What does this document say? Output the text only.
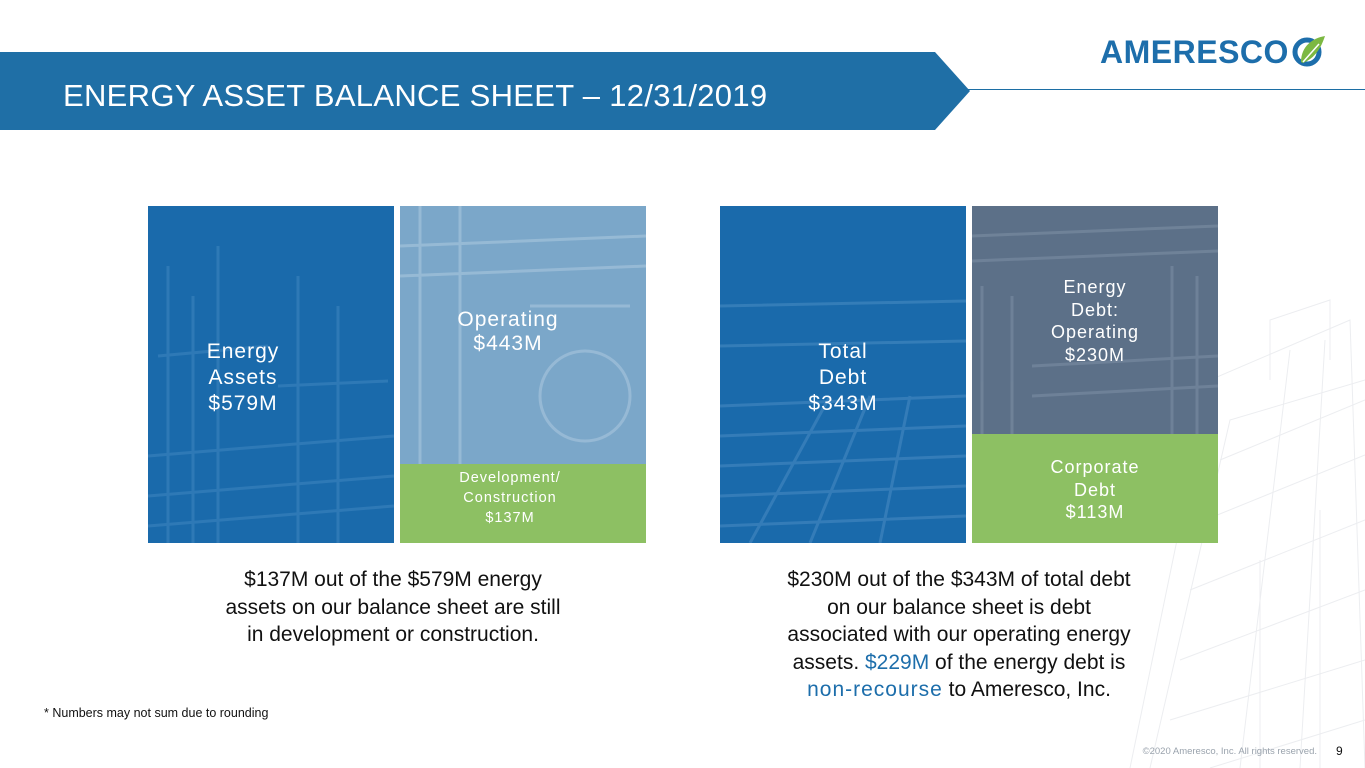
ENERGY ASSET BALANCE SHEET – 12/31/2019
AMERESCO
Energy
Assets
$579M
Operating
$443M
Development/
Construction
$137M
Total
Debt
$343M
Energy
Debt:
Operating
$230M
Corporate
Debt
$113M
$137M out of the $579M energy
assets on our balance sheet are still
in development or construction.
$230M out of the $343M of total debt
on our balance sheet is debt
associated with our operating energy
assets. $229M of the energy debt is
non-recourse to Ameresco, Inc.
* Numbers may not sum due to rounding
©2020 Ameresco, Inc. All rights reserved. 9
